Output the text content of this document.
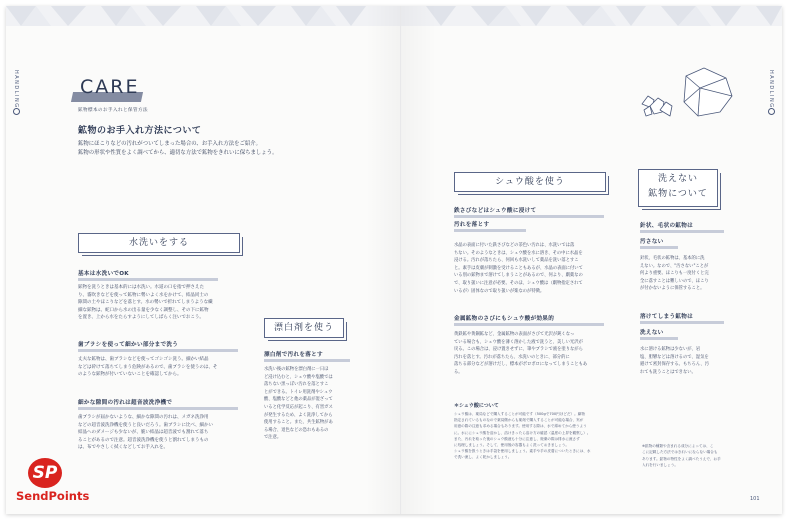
HANDLING	HANDLING
CARE
鉱物標本のお手入れと保管方法
鉱物のお手入れ方法について
鉱物にほこりなどの汚れがついてしまった場合の、お手入れ方法をご紹介。
鉱物の形状や性質をよく調べてから、適切な方法で鉱物をきれいに保ちましょう。
水洗いをする
基本は水洗いでOK
鉱物を洗うときは基本的には水洗い。水道の口を指で押さえた
り、霧吹きなどを使って鉱物に勢いよく水をかけて、結晶同士の
隙間の土やほこりなどを落とす。水の勢いで折れてしまうような繊
細な鉱物は、蛇口から水の出る量を少なく調整し、その下に鉱物
を置き、上から水をたらすようにしてしばらく注いでおこう。
歯ブラシを使って細かい部分まで洗う
丈夫な鉱物は、歯ブラシなどを使ってゴシゴシ洗う。細かい結晶
などは砕けて落ちてしまう危険があるので、歯ブラシを使うのは、そ
のような鉱物が付いていないことを確認してから。
細かな隙間の汚れは超音波洗浄機で
歯ブラシが届かないような、細かな隙間の汚れは、メガネ洗浄用
などの超音波洗浄機を使うと良いだろう。歯ブラシに比べ、細かい
結晶へのダメージも少ないが、脆い結晶は超音波でも割れて落ち
ることがあるので注意。超音波洗浄機を使うと割れてしまうもの
は、布でやさしく拭くなどしてお手入れを。
漂白剤を使う
漂白剤で汚れを落とす
水洗い後の鉱物を漂白剤に一日ほ
ど浸け込むと、シュウ酸や塩酸では
落ちない黒っぽい汚れを落とすこ
とができる。トイレ用洗剤やシュウ
酸、塩酸などと他の薬品が混ざって
いると化学反応が起こり、有害ガス
が発生するため、よく洗浄してから
使用すること。また、共生鉱物があ
る場合、退色などの恐れもあるの
で注意。
シュウ酸を使う
鉄さびなどはシュウ酸に浸けて
汚れを落とす
水晶の表面に付いた鉄さびなどの茶色い汚れは、水洗いでは落
ちない。そのようなときは、シュウ酸を水に溶き、その中に水晶を
浸ける。汚れが落ちたら、何回も水洗いして薬品を洗い落とすこ
と。素手は皮膚が刺激を受けることもあるが、水晶の表面に付いて
いる別の鉱物まで溶けてしまうことがあるので、何より、劇薬なの
で、取り扱いに注意が必要。そのほ、シュウ酸は（劇物指定されて
いるが）固体なので取り扱いが楽なのが特徴。
金属鉱物のさびにもシュウ酸が効果的
黄鉄鉱や黄銅鉱など、金属鉱物の表面がさびて光沢が鈍くなっ
ている場合も、シュウ酸を薄く溶かした液で洗うと、美しい光沢が
戻る。この場合は、浸け置きせずに、筆やブラシで液を塗りながら
汚れを落とす。汚れが落ちたら、水洗いのときに、部分的に
落ちる部分などが溶けだし、標本がボロボロになってしまうこともあ
る。
＊シュウ酸について
シュウ酸は、薬局などで購入することが可能です（500gで700円ほどだ）。劇物
指定されているものなので薬局側からも薬剤で購入することが可能な場合、実が
用意の際の注意も求める場合もあります。使用する際は、水で薄めてから使うよう
に。水ににシュウ酸を溶かし、溶けきったら溶け方の確認（温度の上昇を観察し）。
また、汚れを取った後のシュウ酸液も十分に注意し、廃棄の際は排水に流さず
に処理しましょう。そして、使用後の容器もよく洗っておきましょう。
シュウ酸を扱うときは手袋を使用しましょう。素手や手の皮膚についたときには、水
で洗い流し、よく乾かしましょう。
洗えない
鉱物について
針状、毛状の鉱物は
汚さない
針状、毛状の鉱物は、基本的に洗
えない。なので、"汚さない"ことが
何より重要。ほこりも一度付くと完
全に落すことは難しいので、ほこり
が付かないように保管すること。
溶けてしまう鉱物は
洗えない
水に溶ける鉱物は少ないが、岩
塩、胆礬などは溶けるので、湿気を
避けて密封保存する。もちろん、汚
れても洗うことはできない。
※鉱物の種類や含まれる成分によっては、こ
こに記載した方法ではきれいにならない場合も
あります。鉱物の特性をよく調べたうえで、お手
入れを行いましょう。
101
SP
SendPoints
